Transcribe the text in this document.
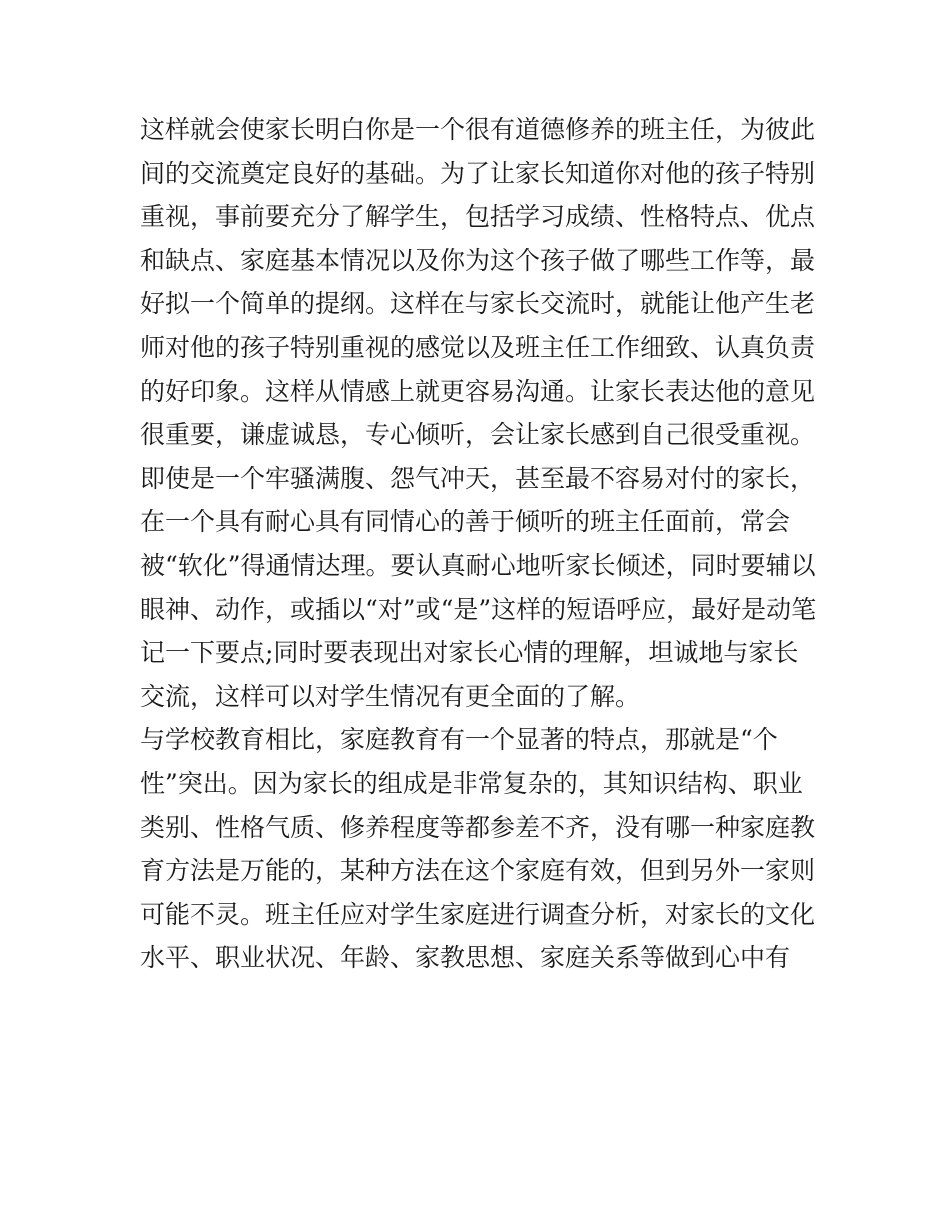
这样就会使家长明白你是一个很有道德修养的班主任，为彼此
间的交流奠定良好的基础。为了让家长知道你对他的孩子特别
重视，事前要充分了解学生，包括学习成绩、性格特点、优点
和缺点、家庭基本情况以及你为这个孩子做了哪些工作等，最
好拟一个简单的提纲。这样在与家长交流时，就能让他产生老
师对他的孩子特别重视的感觉以及班主任工作细致、认真负责
的好印象。这样从情感上就更容易沟通。让家长表达他的意见
很重要，谦虚诚恳，专心倾听，会让家长感到自己很受重视。
即使是一个牢骚满腹、怨气冲天，甚至最不容易对付的家长，
在一个具有耐心具有同情心的善于倾听的班主任面前，常会
被“软化”得通情达理。要认真耐心地听家长倾述，同时要辅以
眼神、动作，或插以“对”或“是”这样的短语呼应，最好是动笔
记一下要点;同时要表现出对家长心情的理解，坦诚地与家长
交流，这样可以对学生情况有更全面的了解。
与学校教育相比，家庭教育有一个显著的特点，那就是“个
性”突出。因为家长的组成是非常复杂的，其知识结构、职业
类别、性格气质、修养程度等都参差不齐，没有哪一种家庭教
育方法是万能的，某种方法在这个家庭有效，但到另外一家则
可能不灵。班主任应对学生家庭进行调查分析，对家长的文化
水平、职业状况、年龄、家教思想、家庭关系等做到心中有
